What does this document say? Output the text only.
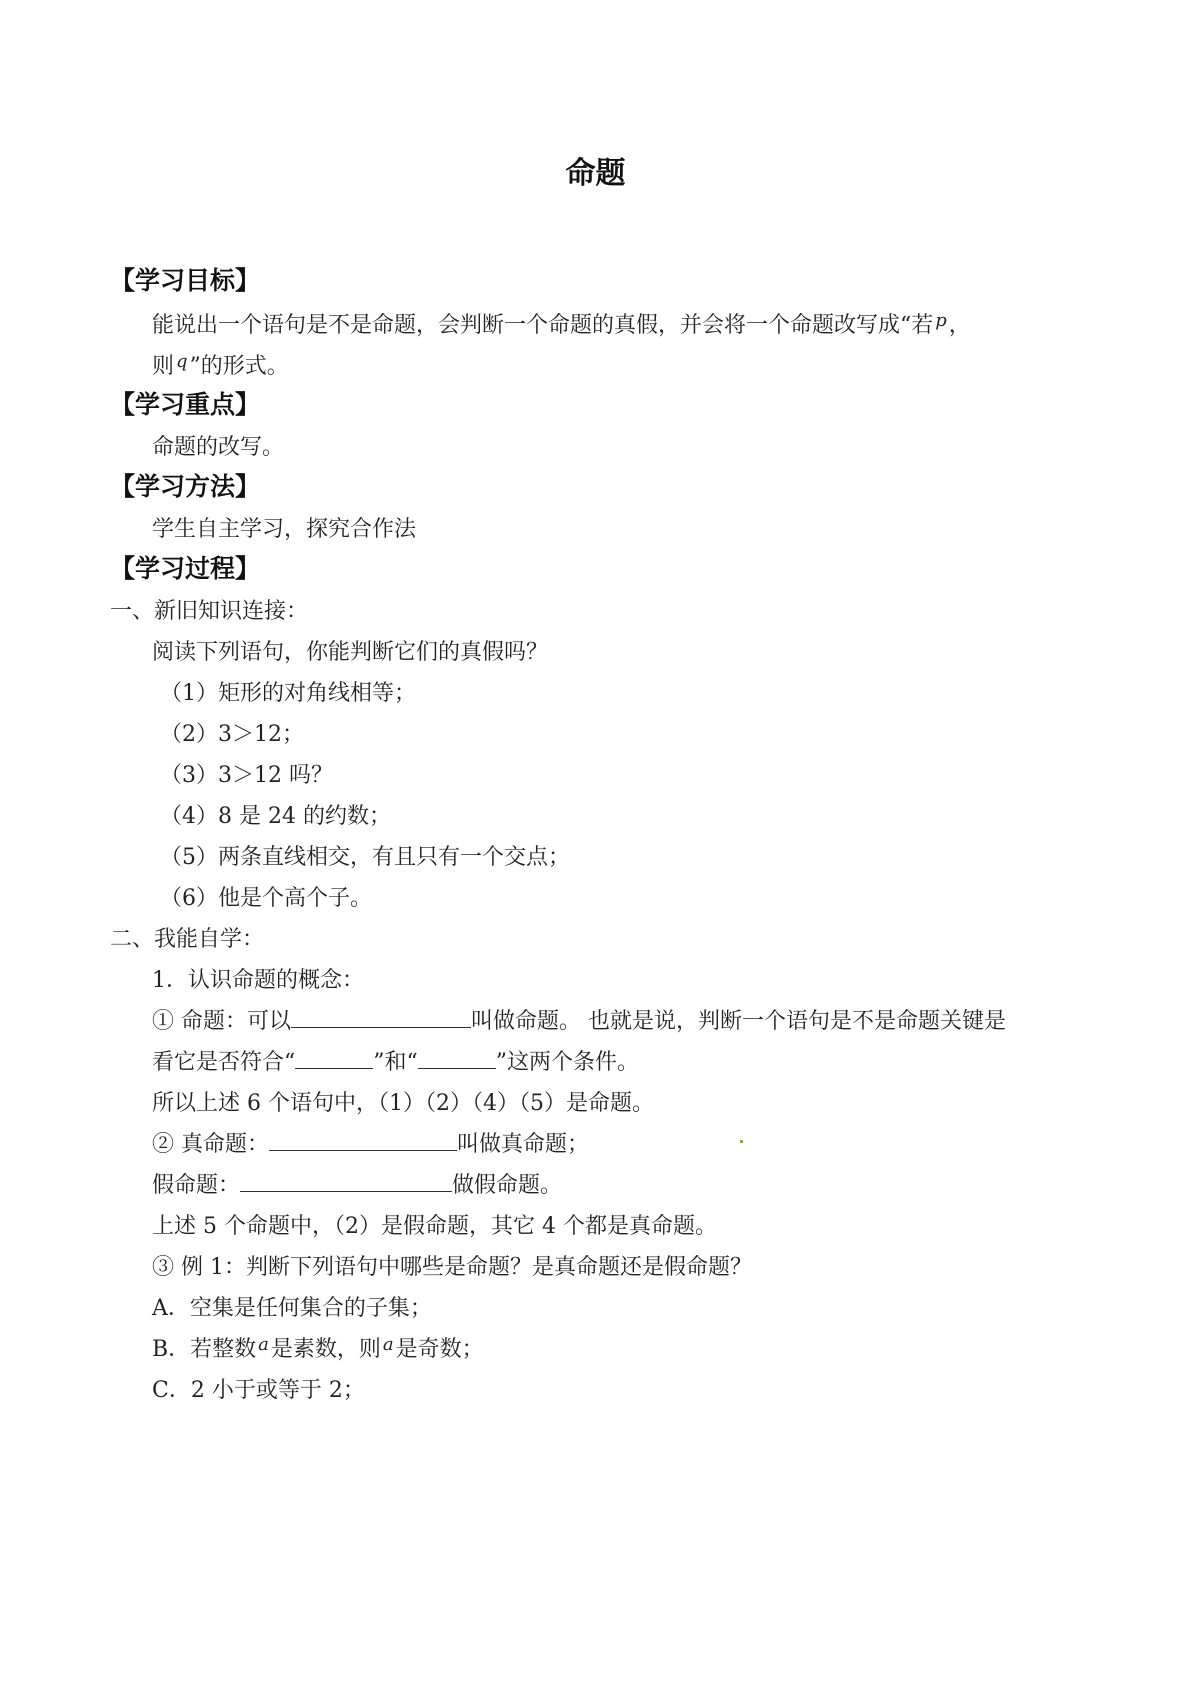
命题
【学习目标】
能说出一个语句是不是命题，会判断一个命题的真假，并会将一个命题改写成“若 $^p$，
则 $^q$”的形式。
【学习重点】
命题的改写。
【学习方法】
学生自主学习，探究合作法
【学习过程】
一、新旧知识连接：
阅读下列语句，你能判断它们的真假吗？
（1）矩形的对角线相等；
（2）3＞12；
（3）3＞12 吗？
（4）8 是 24 的约数；
（5）两条直线相交，有且只有一个交点；
（6）他是个高个子。
二、我能自学：
1．认识命题的概念：
① 命题：可以	叫做命题。 也就是说，判断一个语句是不是命题关键是
看它是否符合“	”和“	”这两个条件。
所以上述 6 个语句中，（1）（2）（4）（5）是命题。
② 真命题：	叫做真命题；
假命题：	做假命题。
上述 5 个命题中，（2）是假命题，其它 4 个都是真命题。
③ 例 1：判断下列语句中哪些是命题？是真命题还是假命题？
A．空集是任何集合的子集；
B．若整数 $^a$是素数，则 $^a$是奇数；
C．2 小于或等于 2；
